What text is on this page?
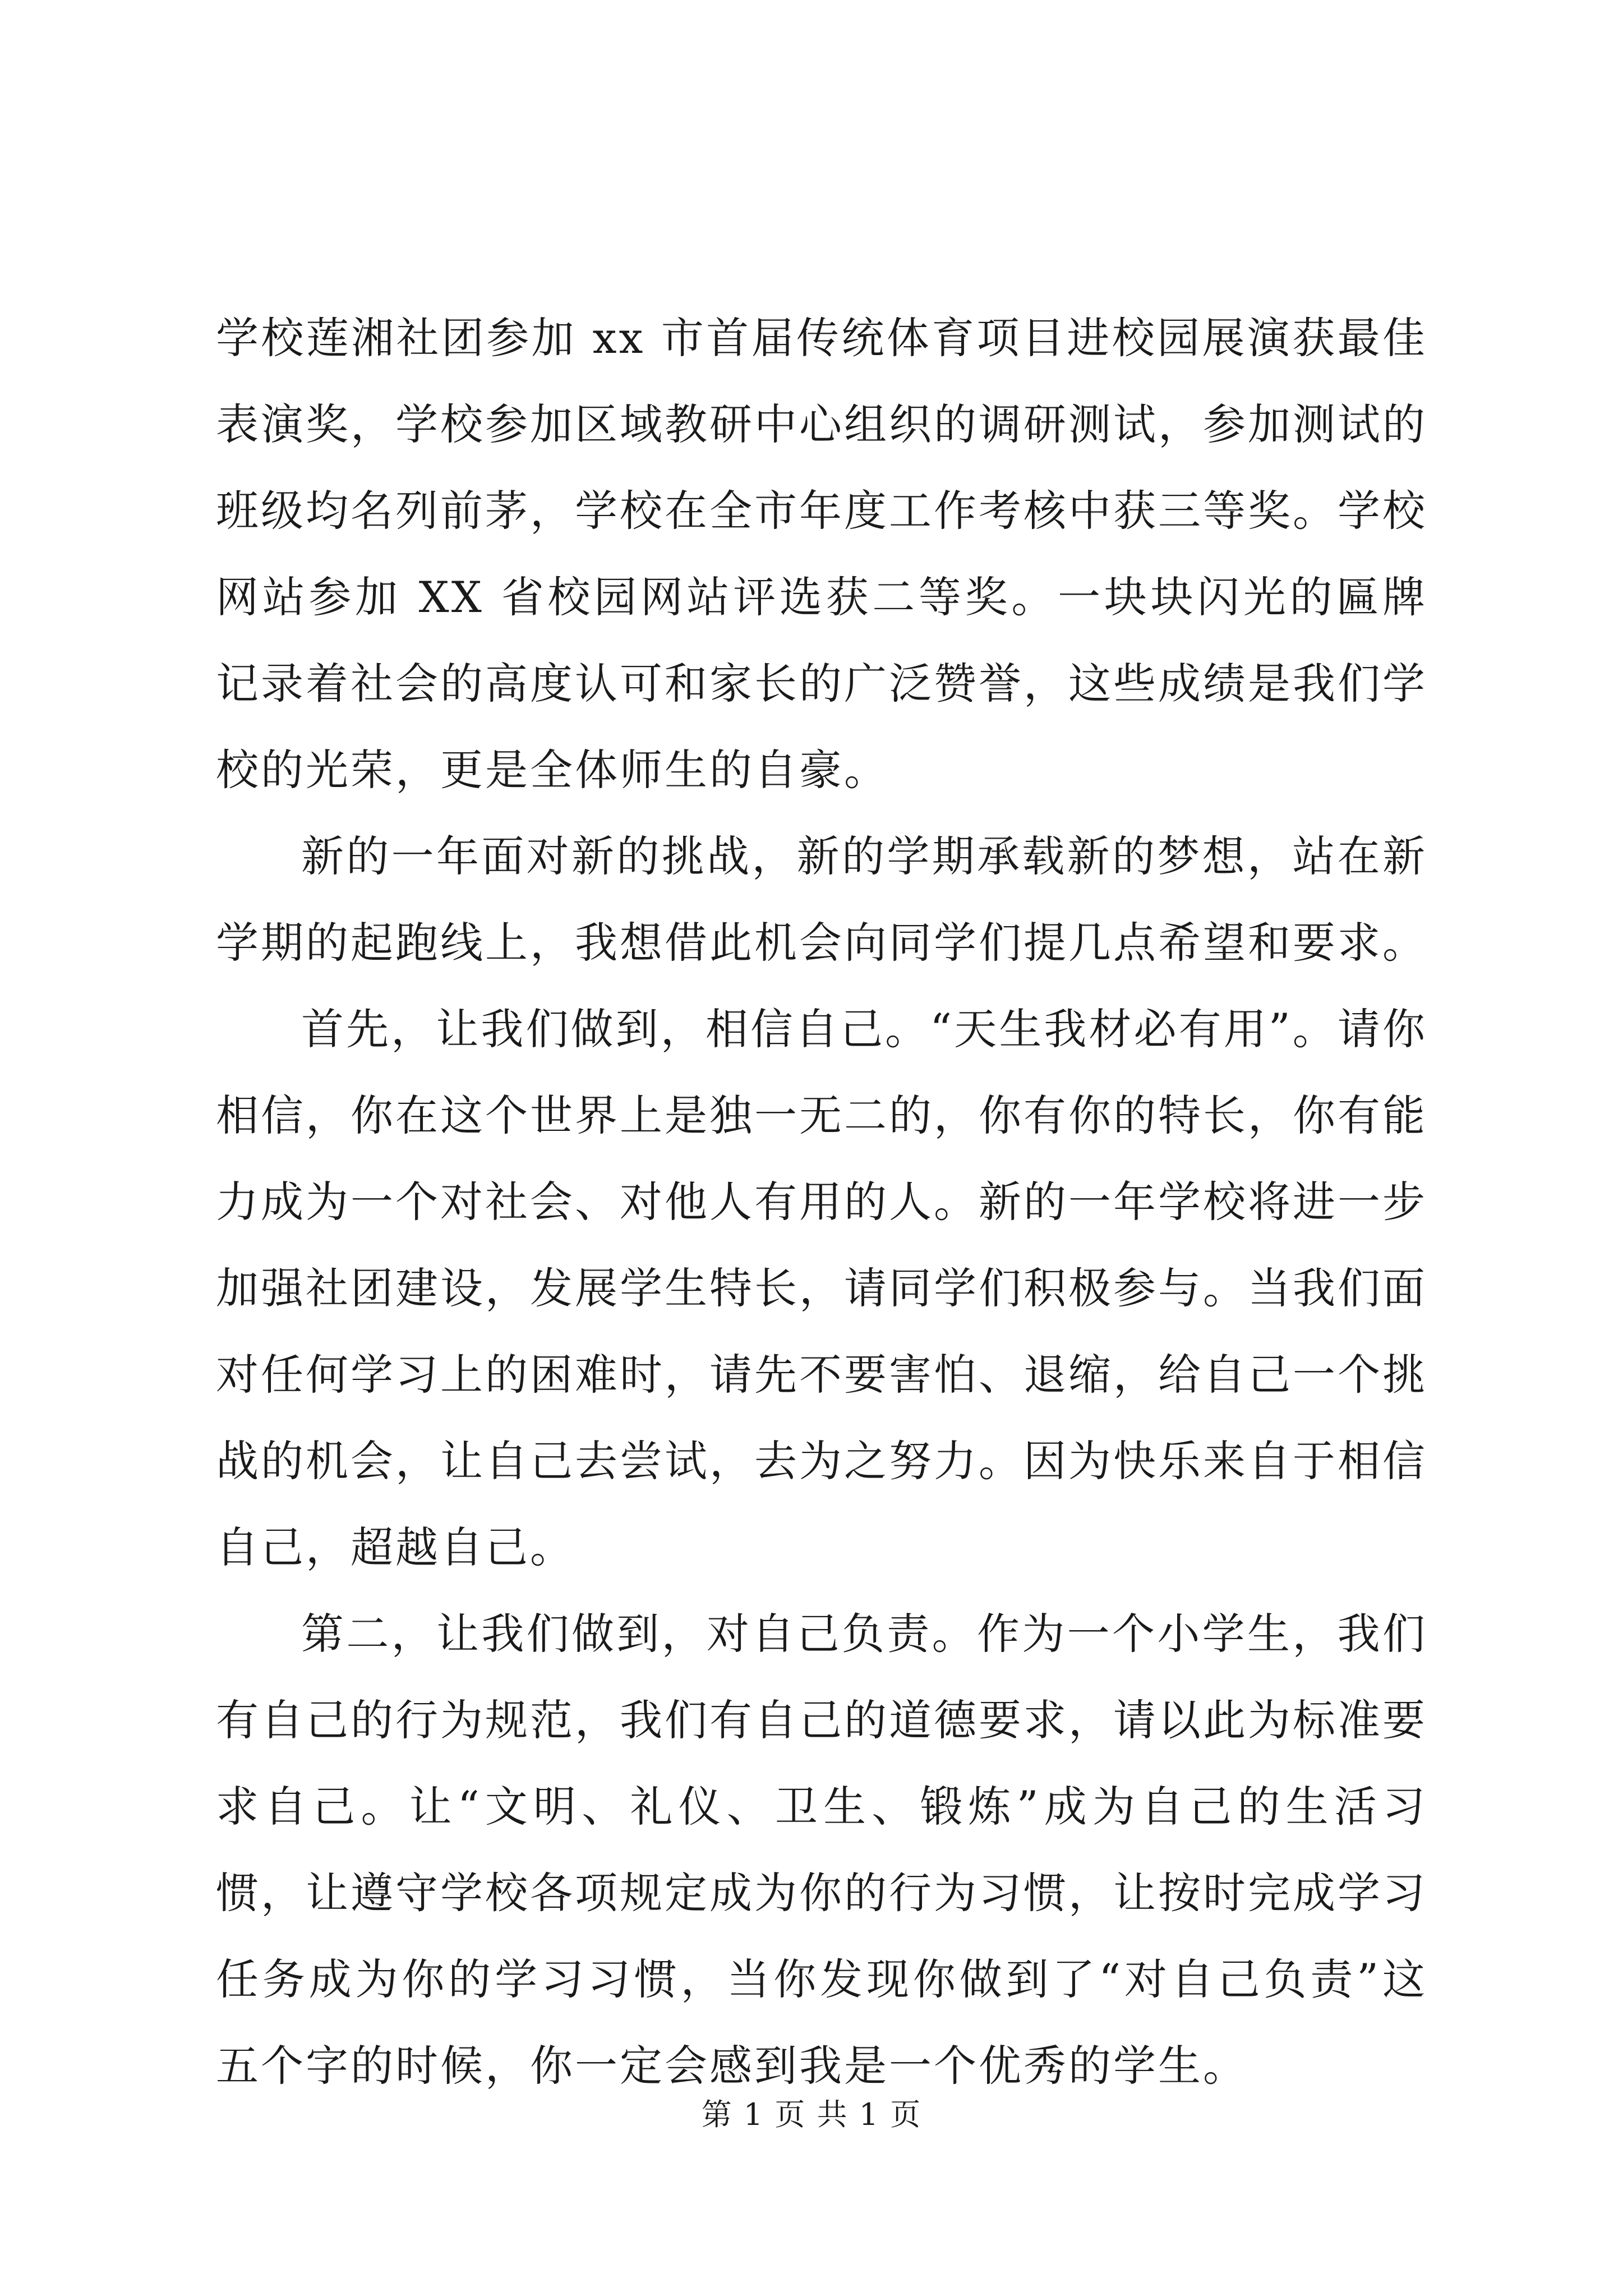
学校莲湘社团参加 xx 市首届传统体育项目进校园展演获最佳表演奖，学校参加区域教研中心组织的调研测试，参加测试的班级均名列前茅，学校在全市年度工作考核中获三等奖。学校网站参加 XX 省校园网站评选获二等奖。一块块闪光的匾牌记录着社会的高度认可和家长的广泛赞誉，这些成绩是我们学校的光荣，更是全体师生的自豪。

新的一年面对新的挑战，新的学期承载新的梦想，站在新学期的起跑线上，我想借此机会向同学们提几点希望和要求。

首先，让我们做到，相信自己。“天生我材必有用”。请你相信，你在这个世界上是独一无二的，你有你的特长，你有能力成为一个对社会、对他人有用的人。新的一年学校将进一步加强社团建设，发展学生特长，请同学们积极参与。当我们面对任何学习上的困难时，请先不要害怕、退缩，给自己一个挑战的机会，让自己去尝试，去为之努力。因为快乐来自于相信自己，超越自己。

第二，让我们做到，对自己负责。作为一个小学生，我们有自己的行为规范，我们有自己的道德要求，请以此为标准要求自己。让“文明、礼仪、卫生、锻炼”成为自己的生活习惯，让遵守学校各项规定成为你的行为习惯，让按时完成学习任务成为你的学习习惯，当你发现你做到了“对自己负责”这五个字的时候，你一定会感到我是一个优秀的学生。

第 1 页 共 1 页
